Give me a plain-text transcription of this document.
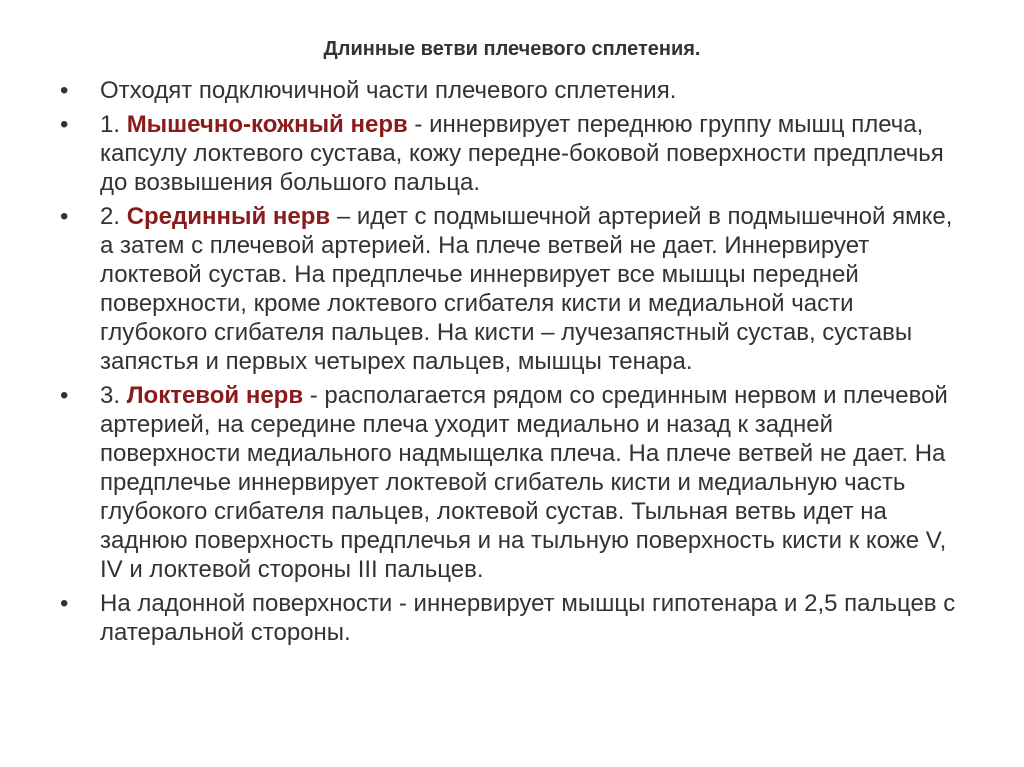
Длинные ветви плечевого сплетения.
•	Отходят подключичной части плечевого сплетения.
•	1. Мышечно-кожный нерв - иннервирует переднюю группу мышц плеча, капсулу локтевого сустава, кожу передне-боковой поверхности предплечья до возвышения большого пальца.
•	2. Срединный нерв – идет с подмышечной артерией в подмышечной ямке, а затем с плечевой артерией. На плече ветвей не дает. Иннервирует локтевой сустав. На предплечье иннервирует все мышцы передней поверхности, кроме локтевого сгибателя кисти и медиальной части глубокого сгибателя пальцев. На кисти – лучезапястный сустав, суставы запястья и первых четырех пальцев, мышцы тенара.
•	3. Локтевой нерв - располагается рядом со срединным нервом и плечевой артерией, на середине плеча уходит медиально и назад к задней поверхности медиального надмыщелка плеча. На плече ветвей не дает. На предплечье иннервирует локтевой сгибатель кисти и медиальную часть глубокого сгибателя пальцев, локтевой сустав. Тыльная ветвь идет на заднюю поверхность предплечья и на тыльную поверхность кисти к коже V, IV и локтевой стороны III пальцев.
•	На ладонной поверхности - иннервирует мышцы гипотенара и 2,5 пальцев с латеральной стороны.
